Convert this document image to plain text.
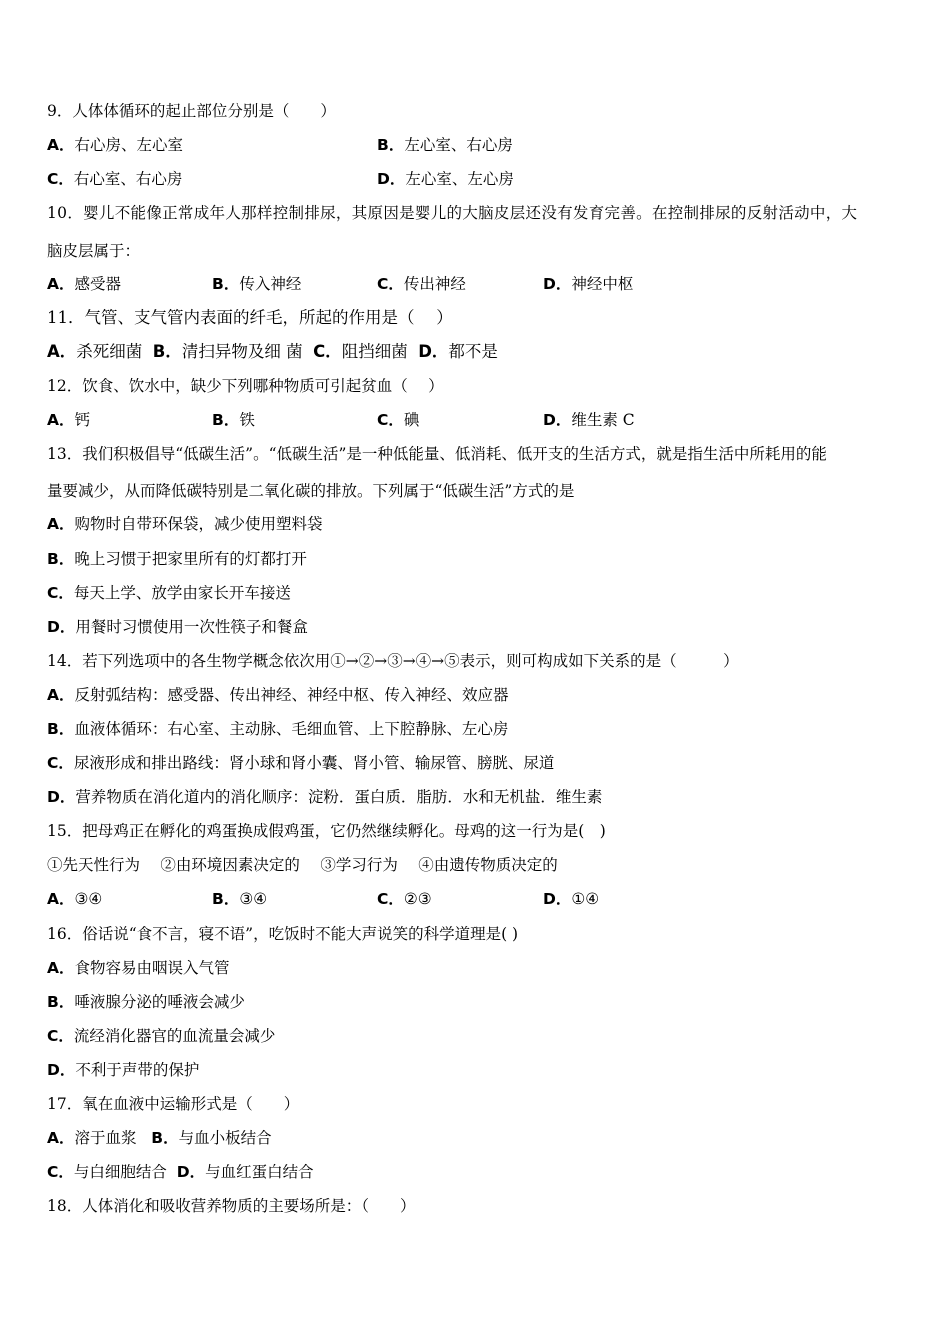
9．人体体循环的起止部位分别是（　　）
A．右心房、左心室	B．左心室、右心房
C．右心室、右心房	D．左心室、左心房
10．婴儿不能像正常成年人那样控制排尿，其原因是婴儿的大脑皮层还没有发育完善。在控制排尿的反射活动中，大
脑皮层属于：
A．感受器	B．传入神经	C．传出神经	D．神经中枢
11．气管、支气管内表面的纤毛，所起的作用是（　 ）
A．杀死细菌 B．清扫异物及细 菌 C．阻挡细菌 D．都不是
12．饮食、饮水中，缺少下列哪种物质可引起贫血（　 ）
A．钙	B．铁	C．碘	D．维生素 C
13．我们积极倡导“低碳生活”。“低碳生活”是一种低能量、低消耗、低开支的生活方式，就是指生活中所耗用的能
量要减少，从而降低碳特别是二氧化碳的排放。下列属于“低碳生活”方式的是
A．购物时自带环保袋，减少使用塑料袋
B．晚上习惯于把家里所有的灯都打开
C．每天上学、放学由家长开车接送
D．用餐时习惯使用一次性筷子和餐盒
14．若下列选项中的各生物学概念依次用①→②→③→④→⑤表示，则可构成如下关系的是（　　　）
A．反射弧结构：感受器、传出神经、神经中枢、传入神经、效应器
B．血液体循环：右心室、主动脉、毛细血管、上下腔静脉、左心房
C．尿液形成和排出路线：肾小球和肾小囊、肾小管、输尿管、膀胱、尿道
D．营养物质在消化道内的消化顺序：淀粉．蛋白质．脂肪．水和无机盐．维生素
15．把母鸡正在孵化的鸡蛋换成假鸡蛋，它仍然继续孵化。母鸡的这一行为是(　)
①先天性行为　 ②由环境因素决定的　 ③学习行为　 ④由遗传物质决定的
A．③④	B．③④	C．②③	D．①④
16．俗话说“食不言，寝不语”，吃饭时不能大声说笑的科学道理是( )
A．食物容易由咽误入气管
B．唾液腺分泌的唾液会减少
C．流经消化器官的血流量会减少
D．不利于声带的保护
17．氧在血液中运输形式是（　　）
A．溶于血浆 B．与血小板结合
C．与白细胞结合 D．与血红蛋白结合
18．人体消化和吸收营养物质的主要场所是：（　　）
